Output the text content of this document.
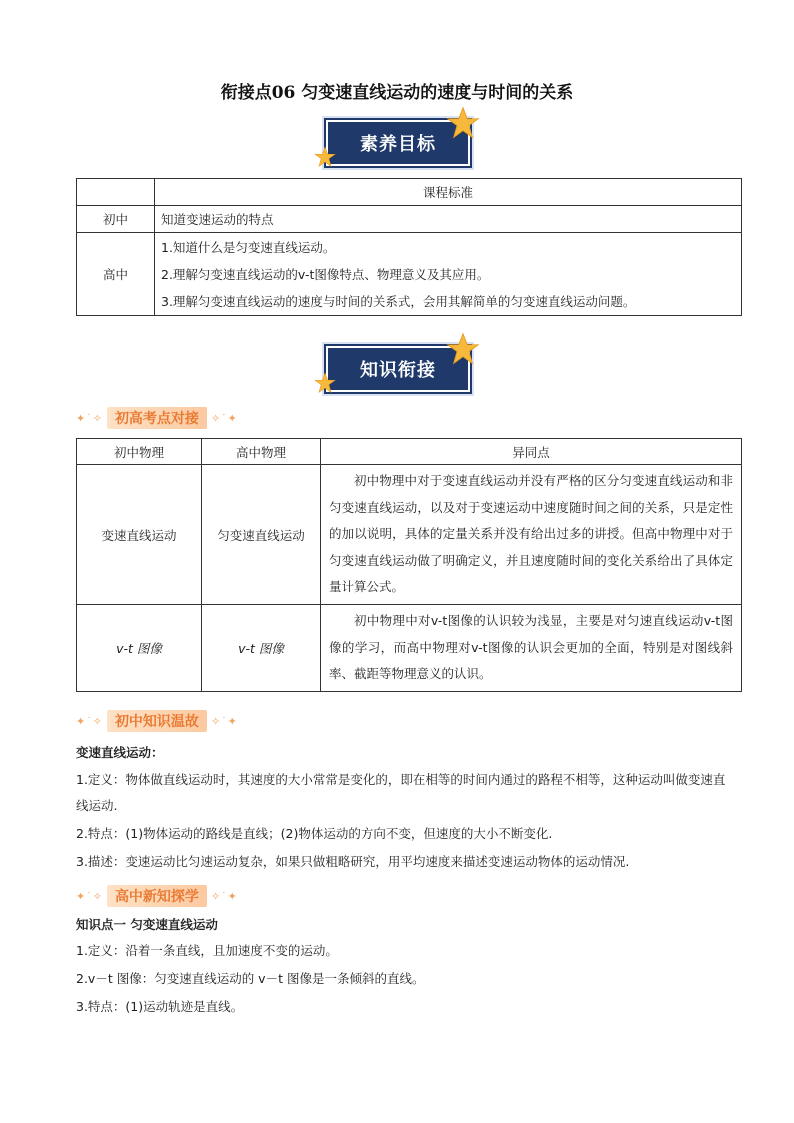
衔接点06 匀变速直线运动的速度与时间的关系
素养目标
	课程标准
初中	知道变速运动的特点
高中	1.知道什么是匀变速直线运动。
2.理解匀变速直线运动的v-t图像特点、物理意义及其应用。
3.理解匀变速直线运动的速度与时间的关系式，会用其解简单的匀变速直线运动问题。
知识衔接
✦˙✧ 初高考点对接	✧˙✦
初中物理	高中物理	异同点
变速直线运动	匀变速直线运动	初中物理中对于变速直线运动并没有严格的区分匀变速直线运动和非匀变速直线运动，以及对于变速运动中速度随时间之间的关系，只是定性的加以说明，具体的定量关系并没有给出过多的讲授。但高中物理中对于匀变速直线运动做了明确定义，并且速度随时间的变化关系给出了具体定量计算公式。
v-t 图像	v-t 图像	初中物理中对v-t图像的认识较为浅显，主要是对匀速直线运动v-t图像的学习，而高中物理对v-t图像的认识会更加的全面，特别是对图线斜率、截距等物理意义的认识。
✦˙✧ 初中知识温故	✧˙✦
变速直线运动：
1.定义：物体做直线运动时，其速度的大小常常是变化的，即在相等的时间内通过的路程不相等，这种运动叫做变速直线运动.
2.特点：(1)物体运动的路线是直线；(2)物体运动的方向不变，但速度的大小不断变化.
3.描述：变速运动比匀速运动复杂，如果只做粗略研究，用平均速度来描述变速运动物体的运动情况.
✦˙✧ 高中新知探学	✧˙✦
知识点一 匀变速直线运动
1.定义：沿着一条直线，且加速度不变的运动。
2.v－t 图像：匀变速直线运动的 v－t 图像是一条倾斜的直线。
3.特点：(1)运动轨迹是直线。
